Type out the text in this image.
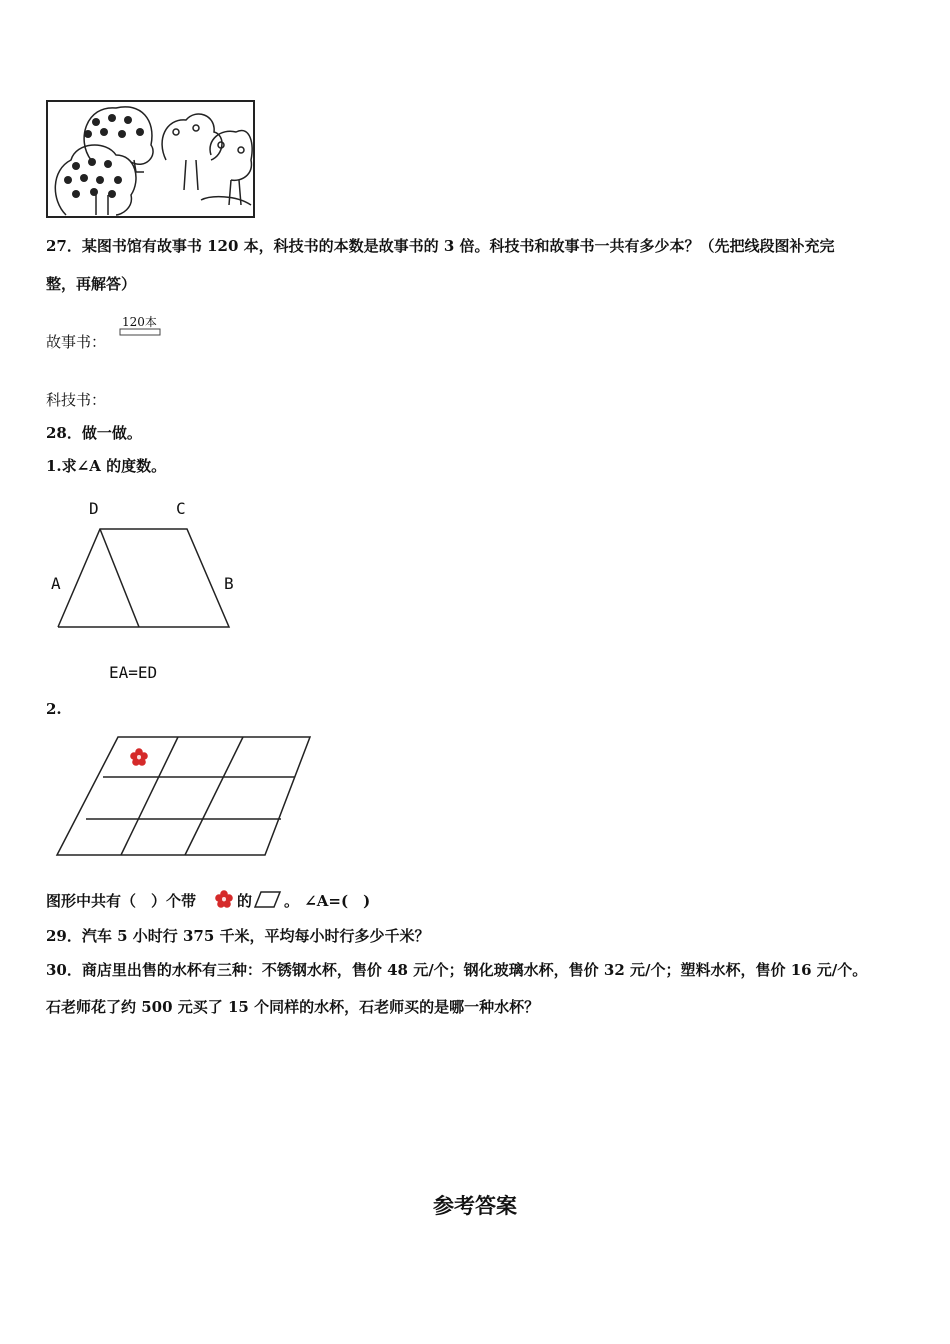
27．某图书馆有故事书 120 本，科技书的本数是故事书的 3 倍。科技书和故事书一共有多少本？（先把线段图补充完
整，再解答）
故事书：
120本
科技书：
28．做一做。
1.求∠A 的度数。
D	C
A	B
EA=ED
2.
图形中共有（　）个带	的 。 ∠A=(　)
29．汽车 5 小时行 375 千米，平均每小时行多少千米？
30．商店里出售的水杯有三种：不锈钢水杯，售价 48 元/个；钢化玻璃水杯，售价 32 元/个；塑料水杯，售价 16 元/个。
石老师花了约 500 元买了 15 个同样的水杯，石老师买的是哪一种水杯？
参考答案
